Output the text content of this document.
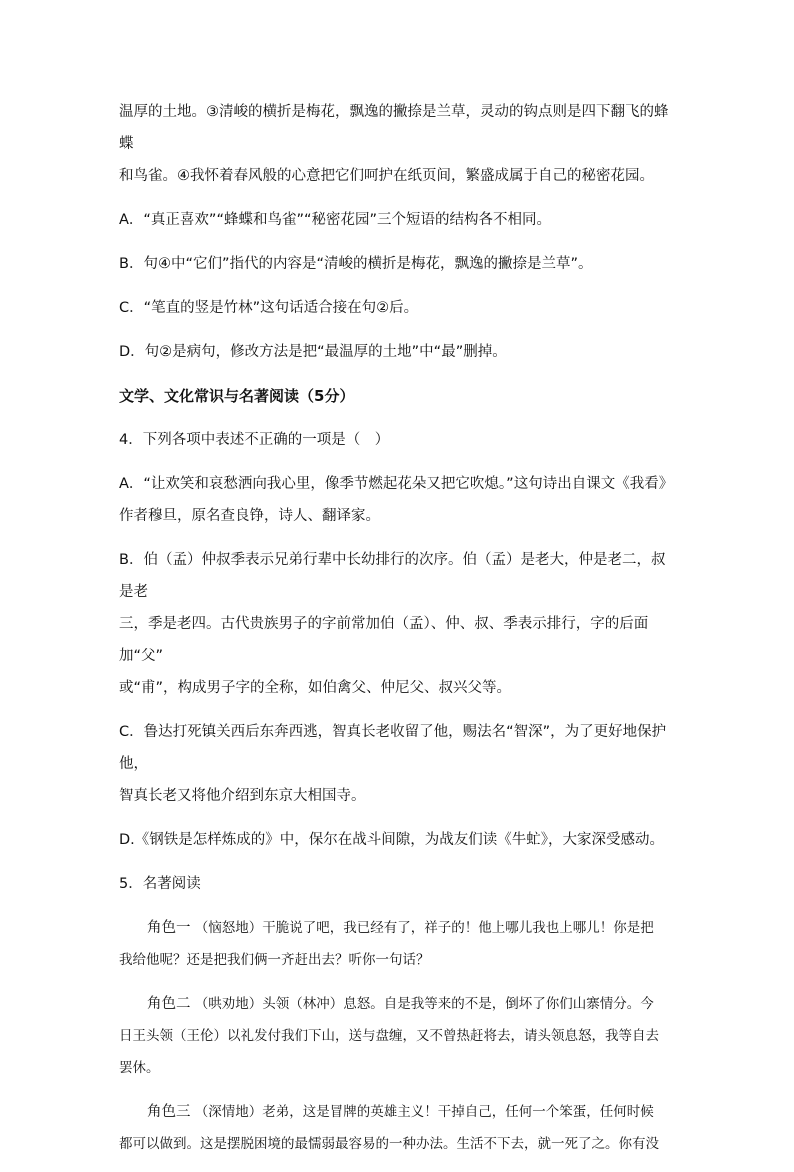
温厚的土地。③清峻的横折是梅花，飘逸的撇捺是兰草，灵动的钩点则是四下翻飞的蜂蝶
和鸟雀。④我怀着春风般的心意把它们呵护在纸页间，繁盛成属于自己的秘密花园。

A．“真正喜欢”“蜂蝶和鸟雀”“秘密花园”三个短语的结构各不相同。

B．句④中“它们”指代的内容是“清峻的横折是梅花，飘逸的撇捺是兰草”。

C．“笔直的竖是竹林”这句话适合接在句②后。

D．句②是病句，修改方法是把“最温厚的土地”中“最”删掉。

文学、文化常识与名著阅读（5分）

4．下列各项中表述不正确的一项是（　）

A．“让欢笑和哀愁洒向我心里，像季节燃起花朵又把它吹熄。”这句诗出自课文《我看》
作者穆旦，原名查良铮，诗人、翻译家。

B．伯（孟）仲叔季表示兄弟行辈中长幼排行的次序。伯（孟）是老大，仲是老二，叔是老
三，季是老四。古代贵族男子的字前常加伯（孟）、仲、叔、季表示排行，字的后面加“父”
或“甫”，构成男子字的全称，如伯禽父、仲尼父、叔兴父等。

C．鲁达打死镇关西后东奔西逃，智真长老收留了他，赐法名“智深”，为了更好地保护他，
智真长老又将他介绍到东京大相国寺。

D.《钢铁是怎样炼成的》中，保尔在战斗间隙，为战友们读《牛虻》，大家深受感动。

5．名著阅读

角色一 （恼怒地）干脆说了吧，我已经有了，祥子的！他上哪儿我也上哪儿！你是把
我给他呢？还是把我们俩一齐赶出去？听你一句话？

角色二 （哄劝地）头领（林冲）息怒。自是我等来的不是，倒坏了你们山寨情分。今
日王头领（王伦）以礼发付我们下山，送与盘缠，又不曾热赶将去，请头领息怒，我等自去
罢休。

角色三 （深情地）老弟，这是冒牌的英雄主义！干掉自己，任何一个笨蛋，任何时候
都可以做到。这是摆脱困境的最懦弱最容易的一种办法。生活不下去，就一死了之。你有没
